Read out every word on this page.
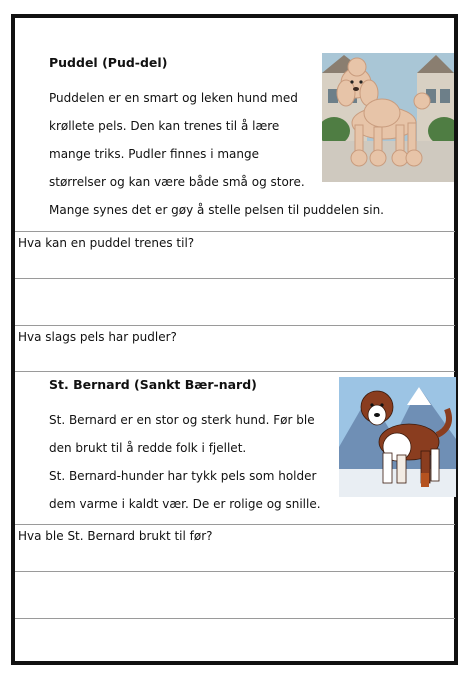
Puddel (Pud-del)
Puddelen er en smart og leken hund med
krøllete pels. Den kan trenes til å lære
mange triks. Pudler finnes i mange
størrelser og kan være både små og store.
Mange synes det er gøy å stelle pelsen til puddelen sin.
Hva kan en puddel trenes til?
Hva slags pels har pudler?
St. Bernard (Sankt Bær-nard)
St. Bernard er en stor og sterk hund. Før ble
den brukt til å redde folk i fjellet.
St. Bernard-hunder har tykk pels som holder
dem varme i kaldt vær. De er rolige og snille.
Hva ble St. Bernard brukt til før?
